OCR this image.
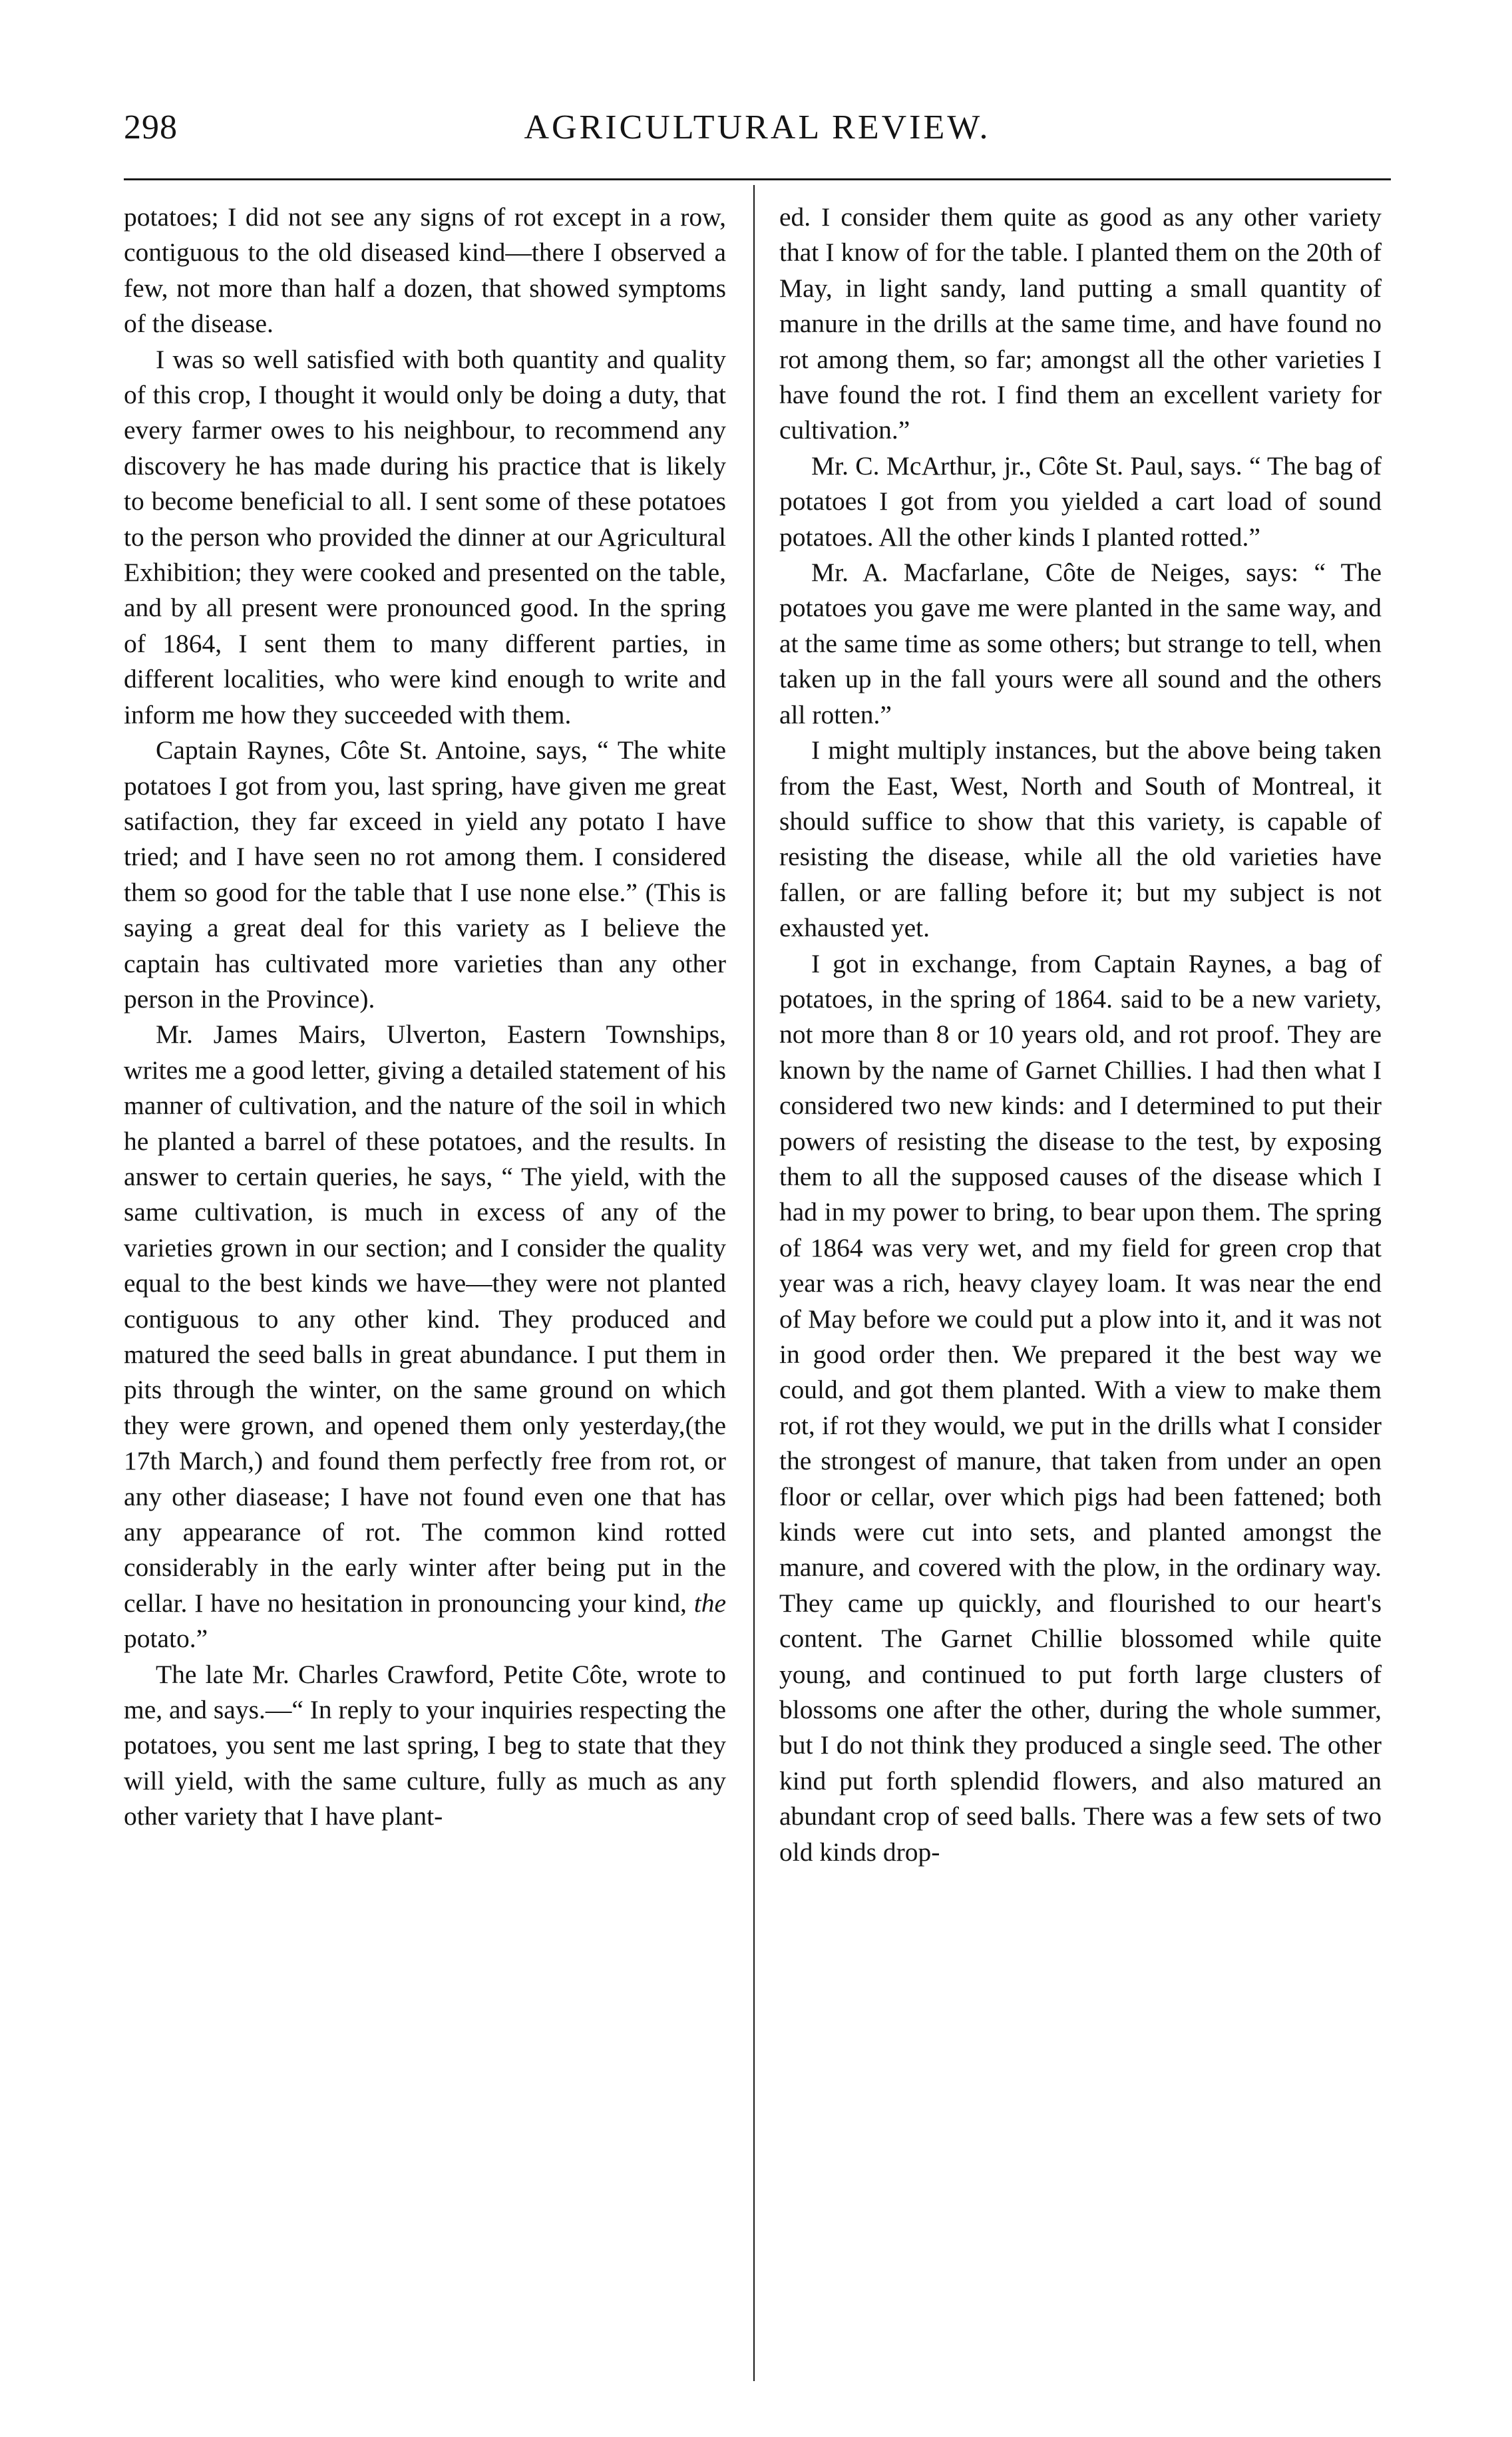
298	AGRICULTURAL REVIEW.

potatoes; I did not see any signs of rot except in a row, contiguous to the old diseased kind—there I observed a few, not more than half a dozen, that showed symptoms of the disease.

I was so well satisfied with both quantity and quality of this crop, I thought it would only be doing a duty, that every farmer owes to his neighbour, to recommend any discovery he has made during his practice that is likely to become beneficial to all. I sent some of these potatoes to the person who provided the dinner at our Agricultural Exhibition; they were cooked and presented on the table, and by all present were pronounced good. In the spring of 1864, I sent them to many different parties, in different localities, who were kind enough to write and inform me how they succeeded with them.

Captain Raynes, Côte St. Antoine, says, “ The white potatoes I got from you, last spring, have given me great satifaction, they far exceed in yield any potato I have tried; and I have seen no rot among them. I considered them so good for the table that I use none else.” (This is saying a great deal for this variety as I believe the captain has cultivated more varieties than any other person in the Province).

Mr. James Mairs, Ulverton, Eastern Townships, writes me a good letter, giving a detailed statement of his manner of cultivation, and the nature of the soil in which he planted a barrel of these potatoes, and the results. In answer to certain queries, he says, “ The yield, with the same cultivation, is much in excess of any of the varieties grown in our section; and I consider the quality equal to the best kinds we have—they were not planted contiguous to any other kind. They produced and matured the seed balls in great abundance. I put them in pits through the winter, on the same ground on which they were grown, and opened them only yesterday,(the 17th March,) and found them perfectly free from rot, or any other diasease; I have not found even one that has any appearance of rot. The common kind rotted considerably in the early winter after being put in the cellar. I have no hesitation in pronouncing your kind, the potato.”

The late Mr. Charles Crawford, Petite Côte, wrote to me, and says.—“ In reply to your inquiries respecting the potatoes, you sent me last spring, I beg to state that they will yield, with the same culture, fully as much as any other variety that I have plant-

ed. I consider them quite as good as any other variety that I know of for the table. I planted them on the 20th of May, in light sandy, land putting a small quantity of manure in the drills at the same time, and have found no rot among them, so far; amongst all the other varieties I have found the rot. I find them an excellent variety for cultivation.”

Mr. C. McArthur, jr., Côte St. Paul, says. “ The bag of potatoes I got from you yielded a cart load of sound potatoes. All the other kinds I planted rotted.”

Mr. A. Macfarlane, Côte de Neiges, says: “ The potatoes you gave me were planted in the same way, and at the same time as some others; but strange to tell, when taken up in the fall yours were all sound and the others all rotten.”

I might multiply instances, but the above being taken from the East, West, North and South of Montreal, it should suffice to show that this variety, is capable of resisting the disease, while all the old varieties have fallen, or are falling before it; but my subject is not exhausted yet.

I got in exchange, from Captain Raynes, a bag of potatoes, in the spring of 1864. said to be a new variety, not more than 8 or 10 years old, and rot proof. They are known by the name of Garnet Chillies. I had then what I considered two new kinds: and I determined to put their powers of resisting the disease to the test, by exposing them to all the supposed causes of the disease which I had in my power to bring, to bear upon them. The spring of 1864 was very wet, and my field for green crop that year was a rich, heavy clayey loam. It was near the end of May before we could put a plow into it, and it was not in good order then. We prepared it the best way we could, and got them planted. With a view to make them rot, if rot they would, we put in the drills what I consider the strongest of manure, that taken from under an open floor or cellar, over which pigs had been fattened; both kinds were cut into sets, and planted amongst the manure, and covered with the plow, in the ordinary way. They came up quickly, and flourished to our heart's content. The Garnet Chillie blossomed while quite young, and continued to put forth large clusters of blossoms one after the other, during the whole summer, but I do not think they produced a single seed. The other kind put forth splendid flowers, and also matured an abundant crop of seed balls. There was a few sets of two old kinds drop-
